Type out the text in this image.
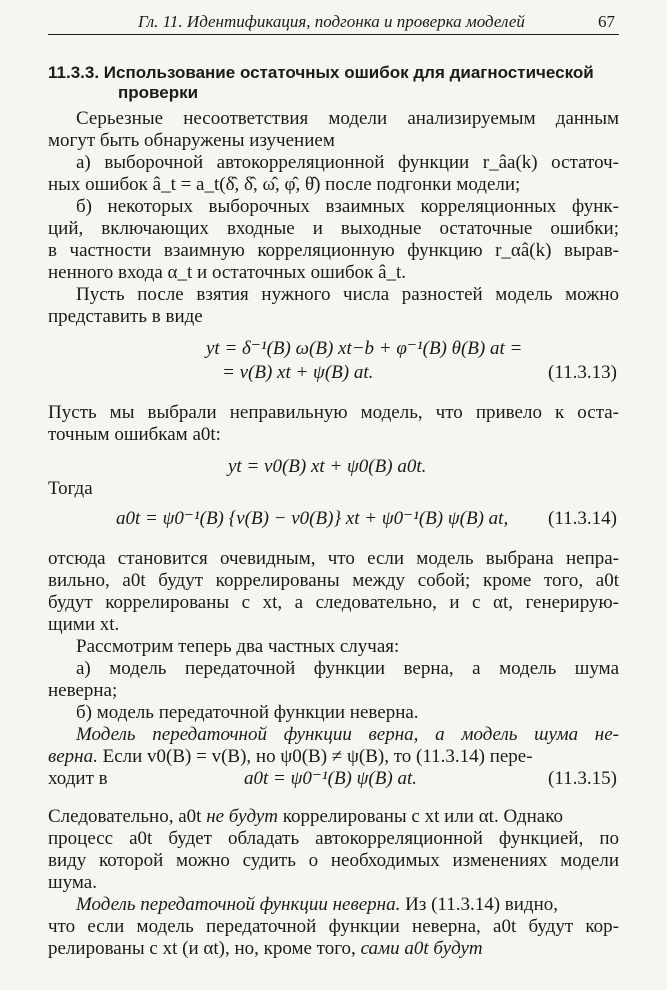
Гл. 11. Идентификация, подгонка и проверка моделей	67
11.3.3. Использование остаточных ошибок для диагностической
проверки
Серьезные несоответствия модели анализируемым данным
могут быть обнаружены изучением
а) выборочной автокорреляционной функции r_âa(k) остаточ-
ных ошибок â_t = a_t(δ̂, δ̂, ω̂, φ̂, θ̂) после подгонки модели;
б) некоторых выборочных взаимных корреляционных функ-
ций, включающих входные и выходные остаточные ошибки;
в частности взаимную корреляционную функцию r_αâ(k) вырав-
ненного входа α_t и остаточных ошибок â_t.
Пусть после взятия нужного числа разностей модель можно
представить в виде
yt = δ⁻¹(B) ω(B) xt−b + φ⁻¹(B) θ(B) at =
= v(B) xt + ψ(B) at.	(11.3.13)
Пусть мы выбрали неправильную модель, что привело к оста-
точным ошибкам a0t:
yt = v0(B) xt + ψ0(B) a0t.
Тогда
a0t = ψ0⁻¹(B) {v(B) − v0(B)} xt + ψ0⁻¹(B) ψ(B) at, (11.3.14)
отсюда становится очевидным, что если модель выбрана непра-
вильно, a0t будут коррелированы между собой; кроме того, a0t
будут коррелированы с xt, а следовательно, и с αt, генерирую-
щими xt.
Рассмотрим теперь два частных случая:
а) модель передаточной функции верна, а модель шума
неверна;
б) модель передаточной функции неверна.
Модель передаточной функции верна, а модель шума не-
верна. Если v0(B) = v(B), но ψ0(B) ≠ ψ(B), то (11.3.14) пере-
ходит в	a0t = ψ0⁻¹(B) ψ(B) at.	(11.3.15)
Следовательно, a0t не будут коррелированы с xt или αt. Однако
процесс a0t будет обладать автокорреляционной функцией, по
виду которой можно судить о необходимых изменениях модели
шума.
Модель передаточной функции неверна. Из (11.3.14) видно,
что если модель передаточной функции неверна, a0t будут кор-
релированы с xt (и αt), но, кроме того, сами a0t будут
